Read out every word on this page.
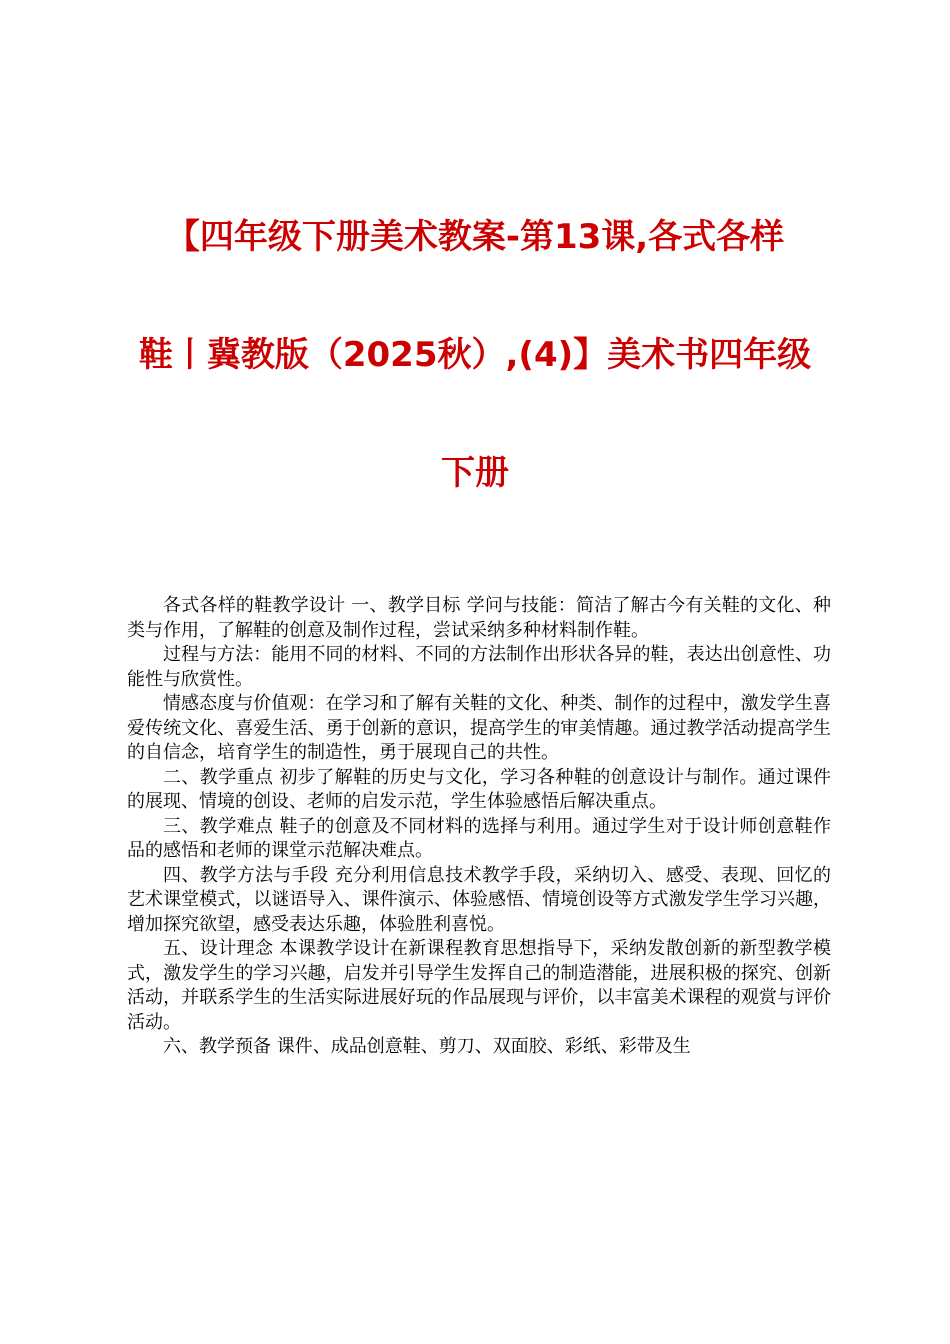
【四年级下册美术教案-第13课,各式各样
鞋丨冀教版（2025秋）,(4)】美术书四年级
下册

各式各样的鞋教学设计 一、教学目标 学问与技能：简洁了解古今有关鞋的文化、种类与作用，了解鞋的创意及制作过程，尝试采纳多种材料制作鞋。

过程与方法：能用不同的材料、不同的方法制作出形状各异的鞋，表达出创意性、功能性与欣赏性。

情感态度与价值观：在学习和了解有关鞋的文化、种类、制作的过程中，激发学生喜爱传统文化、喜爱生活、勇于创新的意识，提高学生的审美情趣。通过教学活动提高学生的自信念，培育学生的制造性，勇于展现自己的共性。

二、教学重点 初步了解鞋的历史与文化，学习各种鞋的创意设计与制作。通过课件的展现、情境的创设、老师的启发示范，学生体验感悟后解决重点。

三、教学难点 鞋子的创意及不同材料的选择与利用。通过学生对于设计师创意鞋作品的感悟和老师的课堂示范解决难点。

四、教学方法与手段 充分利用信息技术教学手段，采纳切入、感受、表现、回忆的艺术课堂模式，以谜语导入、课件演示、体验感悟、情境创设等方式激发学生学习兴趣，增加探究欲望，感受表达乐趣，体验胜利喜悦。

五、设计理念 本课教学设计在新课程教育思想指导下，采纳发散创新的新型教学模式，激发学生的学习兴趣，启发并引导学生发挥自己的制造潜能，进展积极的探究、创新活动，并联系学生的生活实际进展好玩的作品展现与评价，以丰富美术课程的观赏与评价活动。

六、教学预备 课件、成品创意鞋、剪刀、双面胶、彩纸、彩带及生
